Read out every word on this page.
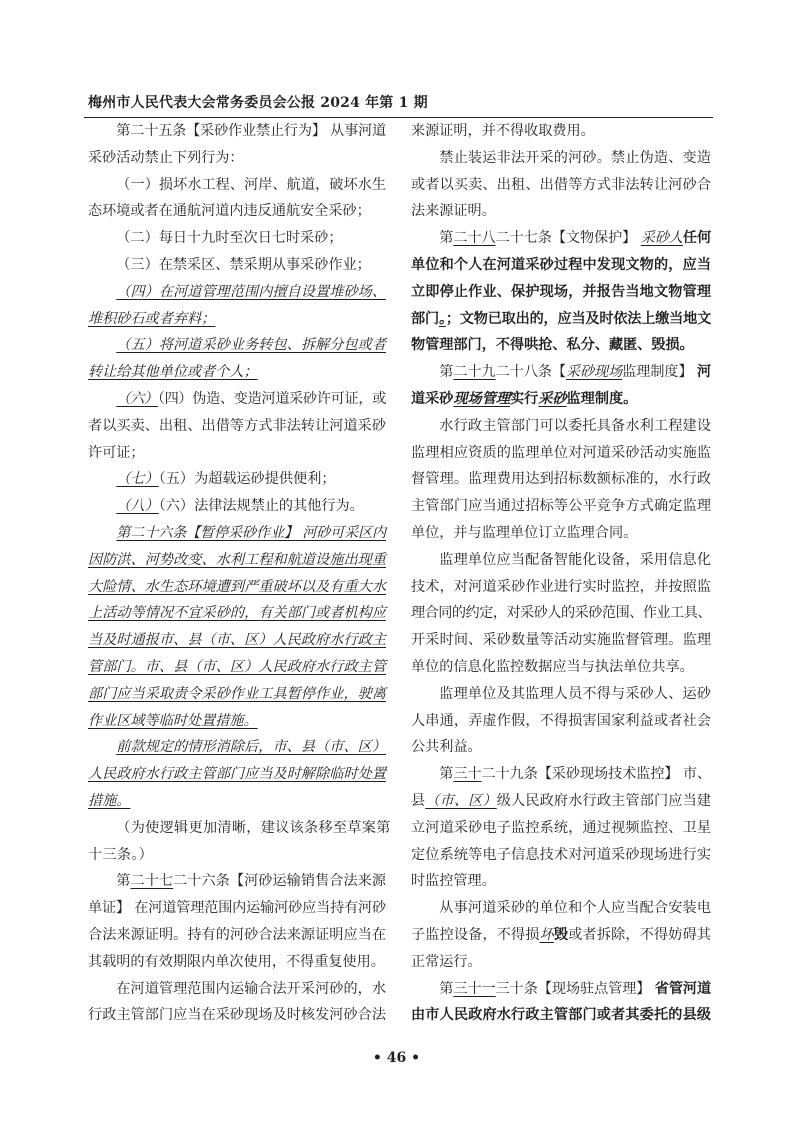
梅州市人民代表大会常务委员会公报 2024 年第 1 期
第二十五条【采砂作业禁止行为】 从事河道
采砂活动禁止下列行为：
（一）损坏水工程、河岸、航道，破坏水生
态环境或者在通航河道内违反通航安全采砂；
（二）每日十九时至次日七时采砂；
（三）在禁采区、禁采期从事采砂作业；
（四）在河道管理范围内擅自设置堆砂场、
堆积砂石或者弃料；
（五）将河道采砂业务转包、拆解分包或者
转让给其他单位或者个人；
（六）（四）伪造、变造河道采砂许可证，或
者以买卖、出租、出借等方式非法转让河道采砂
许可证；
（七）（五）为超载运砂提供便利；
（八）（六）法律法规禁止的其他行为。
第二十六条【暂停采砂作业】 河砂可采区内
因防洪、河势改变、水利工程和航道设施出现重
大险情、水生态环境遭到严重破坏以及有重大水
上活动等情况不宜采砂的，有关部门或者机构应
当及时通报市、县（市、区）人民政府水行政主
管部门。市、县（市、区）人民政府水行政主管
部门应当采取责令采砂作业工具暂停作业，驶离
作业区域等临时处置措施。
前款规定的情形消除后，市、县（市、区）
人民政府水行政主管部门应当及时解除临时处置
措施。
（为使逻辑更加清晰，建议该条移至草案第
十三条。）
第二十七二十六条【河砂运输销售合法来源
单证】 在河道管理范围内运输河砂应当持有河砂
合法来源证明。持有的河砂合法来源证明应当在
其载明的有效期限内单次使用，不得重复使用。
在河道管理范围内运输合法开采河砂的，水
行政主管部门应当在采砂现场及时核发河砂合法
来源证明，并不得收取费用。
禁止装运非法开采的河砂。禁止伪造、变造
或者以买卖、出租、出借等方式非法转让河砂合
法来源证明。
第二十八二十七条【文物保护】 采砂人任何
单位和个人在河道采砂过程中发现文物的，应当
立即停止作业、保护现场，并报告当地文物管理
部门。；文物已取出的，应当及时依法上缴当地文
物管理部门，不得哄抢、私分、藏匿、毁损。
第二十九二十八条【采砂现场监理制度】 河
道采砂现场管理实行采砂监理制度。
水行政主管部门可以委托具备水利工程建设
监理相应资质的监理单位对河道采砂活动实施监
督管理。监理费用达到招标数额标准的，水行政
主管部门应当通过招标等公平竞争方式确定监理
单位，并与监理单位订立监理合同。
监理单位应当配备智能化设备，采用信息化
技术，对河道采砂作业进行实时监控，并按照监
理合同的约定，对采砂人的采砂范围、作业工具、
开采时间、采砂数量等活动实施监督管理。监理
单位的信息化监控数据应当与执法单位共享。
监理单位及其监理人员不得与采砂人、运砂
人串通，弄虚作假，不得损害国家利益或者社会
公共利益。
第三十二十九条【采砂现场技术监控】 市、
县（市、区）级人民政府水行政主管部门应当建
立河道采砂电子监控系统，通过视频监控、卫星
定位系统等电子信息技术对河道采砂现场进行实
时监控管理。
从事河道采砂的单位和个人应当配合安装电
子监控设备，不得损坏毁或者拆除，不得妨碍其
正常运行。
第三十一三十条【现场驻点管理】 省管河道
由市人民政府水行政主管部门或者其委托的县级
• 46 •
